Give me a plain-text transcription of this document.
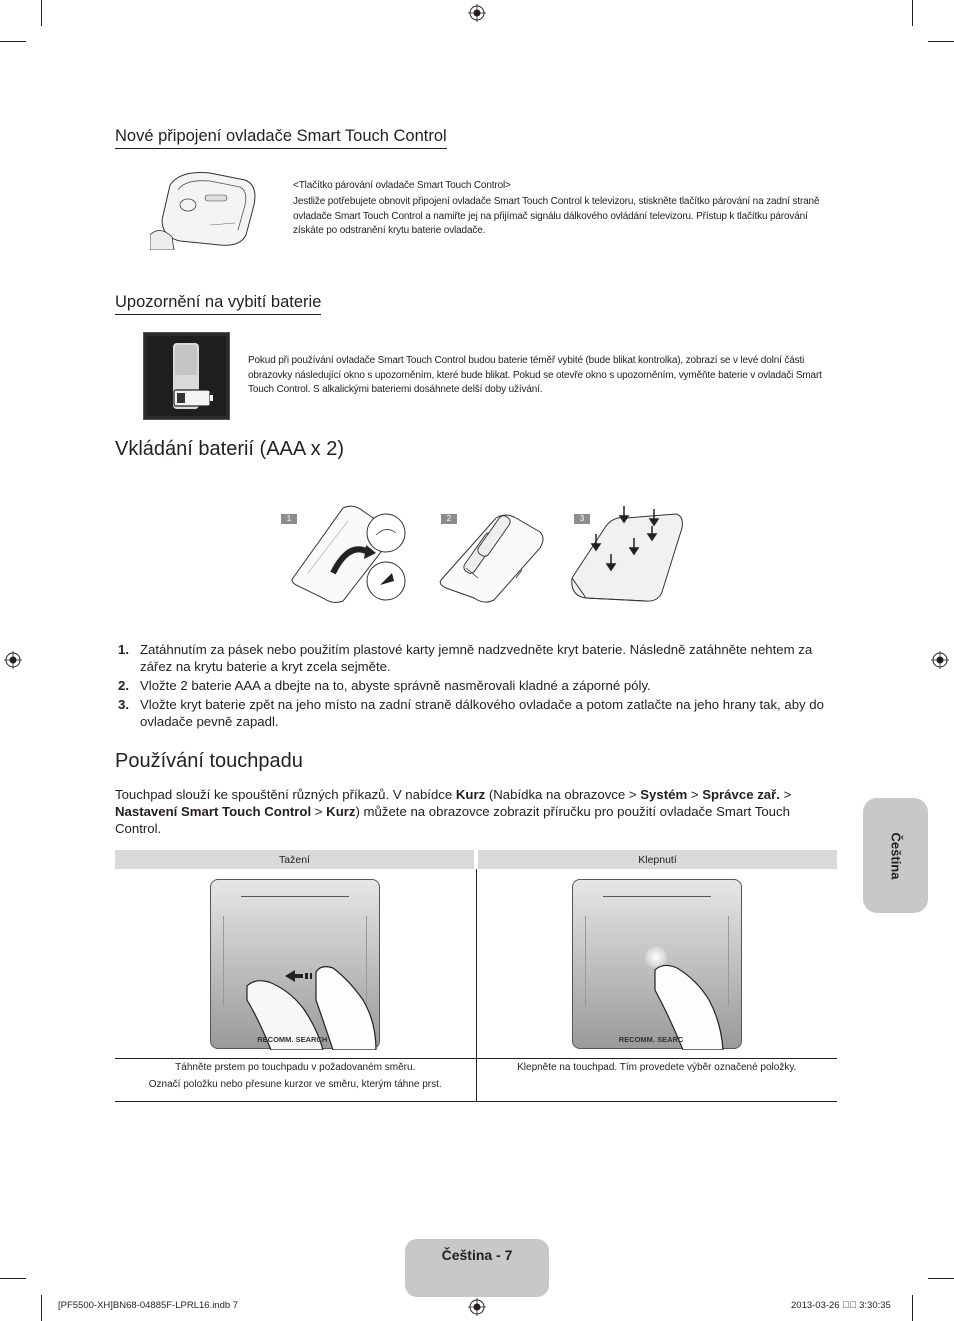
Nové připojení ovladače Smart Touch Control
<Tlačítko párování ovladače Smart Touch Control>
Jestliže potřebujete obnovit připojení ovladače Smart Touch Control k televizoru, stiskněte tlačítko párování na zadní straně ovladače Smart Touch Control a namiřte jej na přijímač signálu dálkového ovládání televizoru. Přístup k tlačítku párování získáte po odstranění krytu baterie ovladače.
Upozornění na vybití baterie
Pokud při používání ovladače Smart Touch Control budou baterie téměř vybité (bude blikat kontrolka), zobrazí se v levé dolní části obrazovky následující okno s upozorněním, které bude blikat. Pokud se otevře okno s upozorněním, vyměňte baterie v ovladači Smart Touch Control. S alkalickými bateriemi dosáhnete delší doby užívání.
Vkládání baterií (AAA x 2)
1	2	3
1. Zatáhnutím za pásek nebo použitím plastové karty jemně nadzvedněte kryt baterie. Následně zatáhněte nehtem za zářez na krytu baterie a kryt zcela sejměte.
2. Vložte 2 baterie AAA a dbejte na to, abyste správně nasměrovali kladné a záporné póly.
3. Vložte kryt baterie zpět na jeho místo na zadní straně dálkového ovladače a potom zatlačte na jeho hrany tak, aby do ovladače pevně zapadl.
Používání touchpadu
Touchpad slouží ke spouštění různých příkazů. V nabídce Kurz (Nabídka na obrazovce > Systém > Správce zař. >
Nastavení Smart Touch Control > Kurz) můžete na obrazovce zobrazit příručku pro použití ovladače Smart Touch Control.
Tažení	Klepnutí

RECOMM. SEARCH	RECOMM. SEARC

Táhněte prstem po touchpadu v požadovaném směru.
Označí položku nebo přesune kurzor ve směru, kterým táhne prst.	Klepněte na touchpad. Tím provedete výběr označené položky.
Čeština
Čeština - 7
[PF5500-XH]BN68-04885F-LPRL16.indb 7	2013-03-26 ￿￿ 3:30:35
